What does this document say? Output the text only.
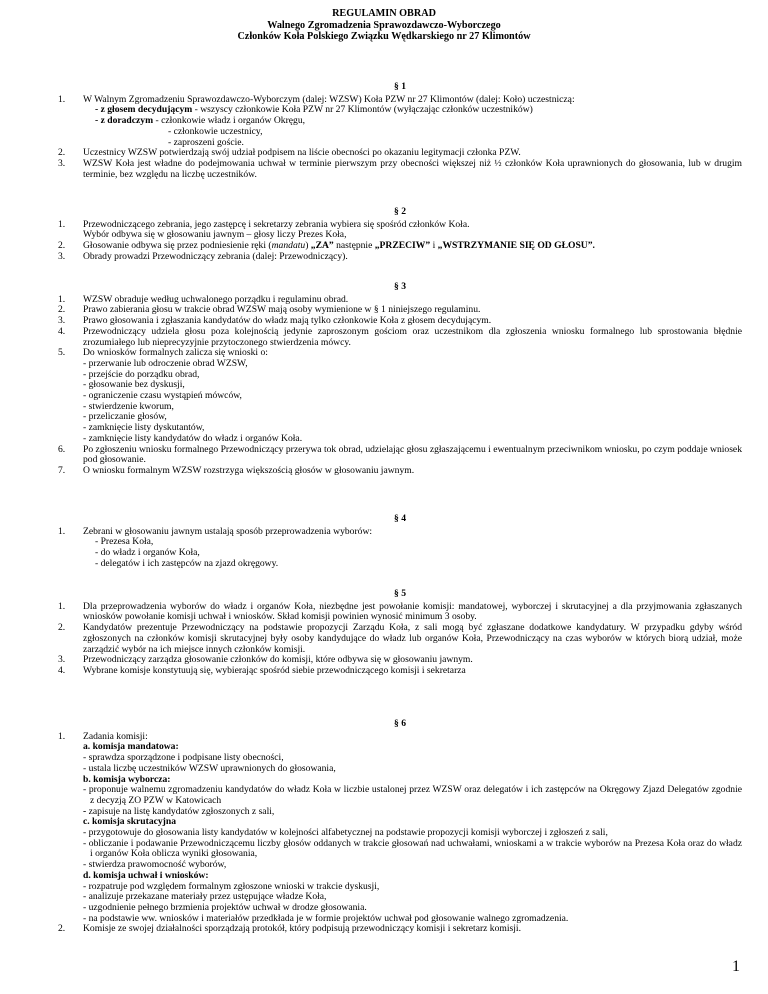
REGULAMIN OBRAD
Walnego Zgromadzenia Sprawozdawczo-Wyborczego
Członków Koła Polskiego Związku Wędkarskiego nr 27 Klimontów
§ 1
1.	W Walnym Zgromadzeniu Sprawozdawczo-Wyborczym (dalej: WZSW) Koła PZW nr 27 Klimontów (dalej: Koło) uczestniczą:
- z głosem decydującym - wszyscy członkowie Koła PZW nr 27 Klimontów (wyłączając członków uczestników)
- z doradczym - członkowie władz i organów Okręgu,
- członkowie uczestnicy,
- zaproszeni goście.
2.	Uczestnicy WZSW potwierdzają swój udział podpisem na liście obecności po okazaniu legitymacji członka PZW.
3.	WZSW Koła jest władne do podejmowania uchwał w terminie pierwszym przy obecności większej niż ½ członków Koła uprawnionych do głosowania, lub w drugim terminie, bez względu na liczbę uczestników.
§ 2
1.	Przewodniczącego zebrania, jego zastępcę i sekretarzy zebrania wybiera się spośród członków Koła.
Wybór odbywa się w głosowaniu jawnym – głosy liczy Prezes Koła,
2.	Głosowanie odbywa się przez podniesienie ręki (mandatu) „ZA” następnie „PRZECIW” i „WSTRZYMANIE SIĘ OD GŁOSU”.
3.	Obrady prowadzi Przewodniczący zebrania (dalej: Przewodniczący).
§ 3
1.	WZSW obraduje według uchwalonego porządku i regulaminu obrad.
2.	Prawo zabierania głosu w trakcie obrad WZSW mają osoby wymienione w § 1 niniejszego regulaminu.
3.	Prawo głosowania i zgłaszania kandydatów do władz mają tylko członkowie Koła z głosem decydującym.
4.	Przewodniczący udziela głosu poza kolejnością jedynie zaproszonym gościom oraz uczestnikom dla zgłoszenia wniosku formalnego lub sprostowania błędnie zrozumiałego lub nieprecyzyjnie przytoczonego stwierdzenia mówcy.
5.	Do wniosków formalnych zalicza się wnioski o:
- przerwanie lub odroczenie obrad WZSW,
- przejście do porządku obrad,
- głosowanie bez dyskusji,
- ograniczenie czasu wystąpień mówców,
- stwierdzenie kworum,
- przeliczanie głosów,
- zamknięcie listy dyskutantów,
- zamknięcie listy kandydatów do władz i organów Koła.
6.	Po zgłoszeniu wniosku formalnego Przewodniczący przerywa tok obrad, udzielając głosu zgłaszającemu i ewentualnym przeciwnikom wniosku, po czym poddaje wniosek pod głosowanie.
7.	O wniosku formalnym WZSW rozstrzyga większością głosów w głosowaniu jawnym.
§ 4
1.	Zebrani w głosowaniu jawnym ustalają sposób przeprowadzenia wyborów:
- Prezesa Koła,
- do władz i organów Koła,
- delegatów i ich zastępców na zjazd okręgowy.
§ 5
1.	Dla przeprowadzenia wyborów do władz i organów Koła, niezbędne jest powołanie komisji: mandatowej, wyborczej i skrutacyjnej a dla przyjmowania zgłaszanych wniosków powołanie komisji uchwał i wniosków. Skład komisji powinien wynosić minimum 3 osoby.
2.	Kandydatów prezentuje Przewodniczący na podstawie propozycji Zarządu Koła, z sali mogą być zgłaszane dodatkowe kandydatury. W przypadku gdyby wśród zgłoszonych na członków komisji skrutacyjnej były osoby kandydujące do władz lub organów Koła, Przewodniczący na czas wyborów w których biorą udział, może zarządzić wybór na ich miejsce innych członków komisji.
3.	Przewodniczący zarządza głosowanie członków do komisji, które odbywa się w głosowaniu jawnym.
4.	Wybrane komisje konstytuują się, wybierając spośród siebie przewodniczącego komisji i sekretarza
§ 6
1.	Zadania komisji:
a. komisja mandatowa:
- sprawdza sporządzone i podpisane listy obecności,
- ustala liczbę uczestników WZSW uprawnionych do głosowania,
b. komisja wyborcza:
- proponuje walnemu zgromadzeniu kandydatów do władz Koła w liczbie ustalonej przez WZSW oraz delegatów i ich zastępców na Okręgowy Zjazd Delegatów zgodnie z decyzją ZO PZW w Katowicach
- zapisuje na listę kandydatów zgłoszonych z sali,
c. komisja skrutacyjna
- przygotowuje do głosowania listy kandydatów w kolejności alfabetycznej na podstawie propozycji komisji wyborczej i zgłoszeń z sali,
- obliczanie i podawanie Przewodniczącemu liczby głosów oddanych w trakcie głosowań nad uchwałami, wnioskami a w trakcie wyborów na Prezesa Koła oraz do władz i organów Koła oblicza wyniki głosowania,
- stwierdza prawomocność wyborów,
d. komisja uchwał i wniosków:
- rozpatruje pod względem formalnym zgłoszone wnioski w trakcie dyskusji,
- analizuje przekazane materiały przez ustępujące władze Koła,
- uzgodnienie pełnego brzmienia projektów uchwał w drodze głosowania.
- na podstawie ww. wniosków i materiałów przedkłada je w formie projektów uchwał pod głosowanie walnego zgromadzenia.
2.	Komisje ze swojej działalności sporządzają protokół, który podpisują przewodniczący komisji i sekretarz komisji.
1
